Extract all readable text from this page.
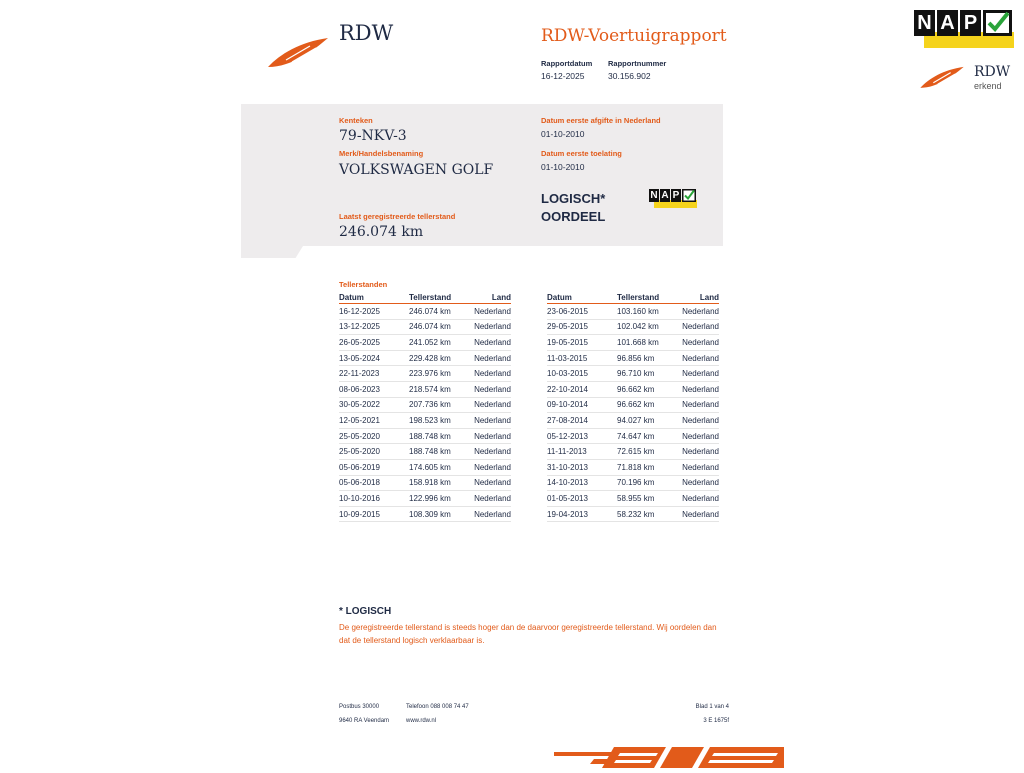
RDW	RDW-Voertuigrapport
Rapportdatum
16-12-2025
Rapportnummer
30.156.902
N A P
RDW
erkend
Kenteken
79-NKV-3
Merk/Handelsbenaming
VOLKSWAGEN GOLF
Laatst geregistreerde tellerstand
246.074 km
Datum eerste afgifte in Nederland
01-10-2010
Datum eerste toelating
01-10-2010
LOGISCH*
OORDEEL
N A P
Tellerstanden
Datum	Tellerstand	Land
16-12-2025	246.074 km	Nederland
13-12-2025	246.074 km	Nederland
26-05-2025	241.052 km	Nederland
13-05-2024	229.428 km	Nederland
22-11-2023	223.976 km	Nederland
08-06-2023	218.574 km	Nederland
30-05-2022	207.736 km	Nederland
12-05-2021	198.523 km	Nederland
25-05-2020	188.748 km	Nederland
25-05-2020	188.748 km	Nederland
05-06-2019	174.605 km	Nederland
05-06-2018	158.918 km	Nederland
10-10-2016	122.996 km	Nederland
10-09-2015	108.309 km	Nederland
Datum	Tellerstand	Land
23-06-2015	103.160 km	Nederland
29-05-2015	102.042 km	Nederland
19-05-2015	101.668 km	Nederland
11-03-2015	96.856 km	Nederland
10-03-2015	96.710 km	Nederland
22-10-2014	96.662 km	Nederland
09-10-2014	96.662 km	Nederland
27-08-2014	94.027 km	Nederland
05-12-2013	74.647 km	Nederland
11-11-2013	72.615 km	Nederland
31-10-2013	71.818 km	Nederland
14-10-2013	70.196 km	Nederland
01-05-2013	58.955 km	Nederland
19-04-2013	58.232 km	Nederland
* LOGISCH
De geregistreerde tellerstand is steeds hoger dan de daarvoor geregistreerde tellerstand. Wij oordelen dan
dat de tellerstand logisch verklaarbaar is.
Postbus 30000
9640 RA Veendam
Telefoon 088 008 74 47
www.rdw.nl
Blad 1 van 4
3 E 1675f
